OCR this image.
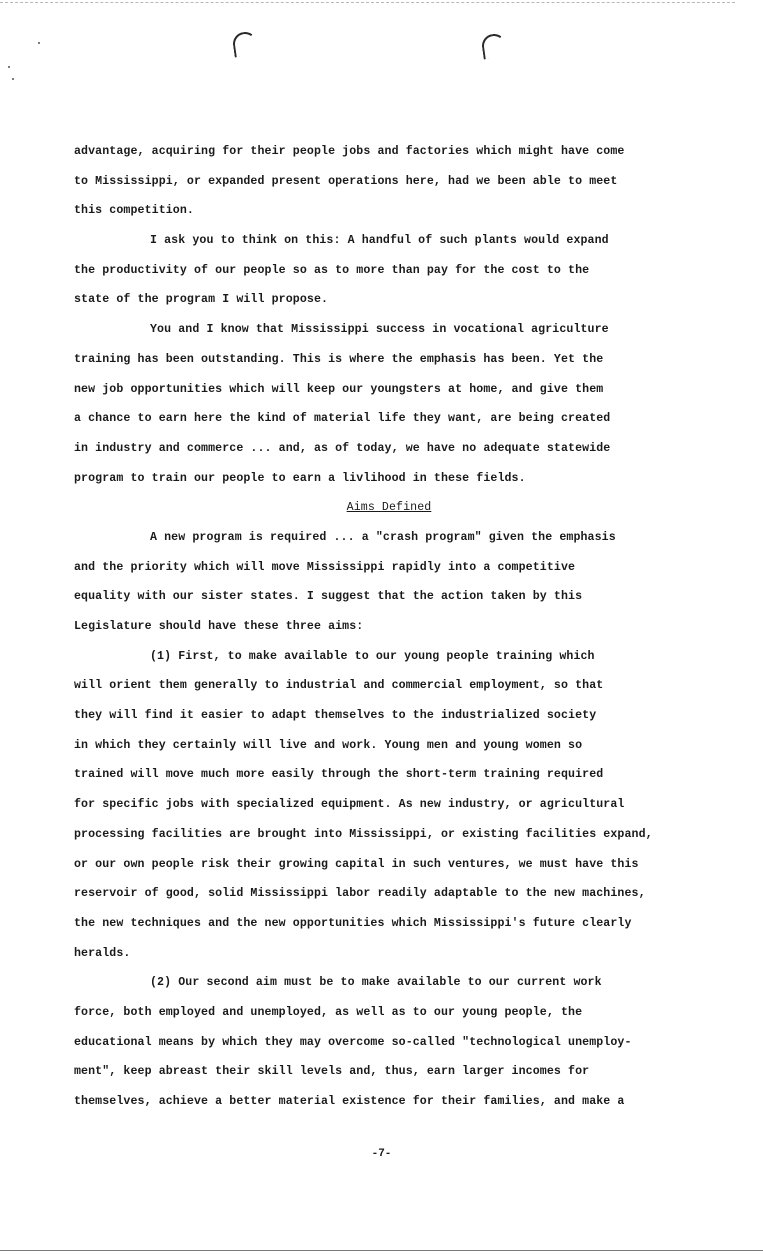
advantage, acquiring for their people jobs and factories which might have come
to Mississippi, or expanded present operations here, had we been able to meet
this competition.
I ask you to think on this: A handful of such plants would expand
the productivity of our people so as to more than pay for the cost to the
state of the program I will propose.
You and I know that Mississippi success in vocational agriculture
training has been outstanding. This is where the emphasis has been. Yet the
new job opportunities which will keep our youngsters at home, and give them
a chance to earn here the kind of material life they want, are being created
in industry and commerce ... and, as of today, we have no adequate statewide
program to train our people to earn a livlihood in these fields.
Aims Defined
A new program is required ... a "crash program" given the emphasis
and the priority which will move Mississippi rapidly into a competitive
equality with our sister states. I suggest that the action taken by this
Legislature should have these three aims:
(1) First, to make available to our young people training which
will orient them generally to industrial and commercial employment, so that
they will find it easier to adapt themselves to the industrialized society
in which they certainly will live and work. Young men and young women so
trained will move much more easily through the short-term training required
for specific jobs with specialized equipment. As new industry, or agricultural
processing facilities are brought into Mississippi, or existing facilities expand,
or our own people risk their growing capital in such ventures, we must have this
reservoir of good, solid Mississippi labor readily adaptable to the new machines,
the new techniques and the new opportunities which Mississippi's future clearly
heralds.
(2) Our second aim must be to make available to our current work
force, both employed and unemployed, as well as to our young people, the
educational means by which they may overcome so-called "technological unemploy-
ment", keep abreast their skill levels and, thus, earn larger incomes for
themselves, achieve a better material existence for their families, and make a
-7-
